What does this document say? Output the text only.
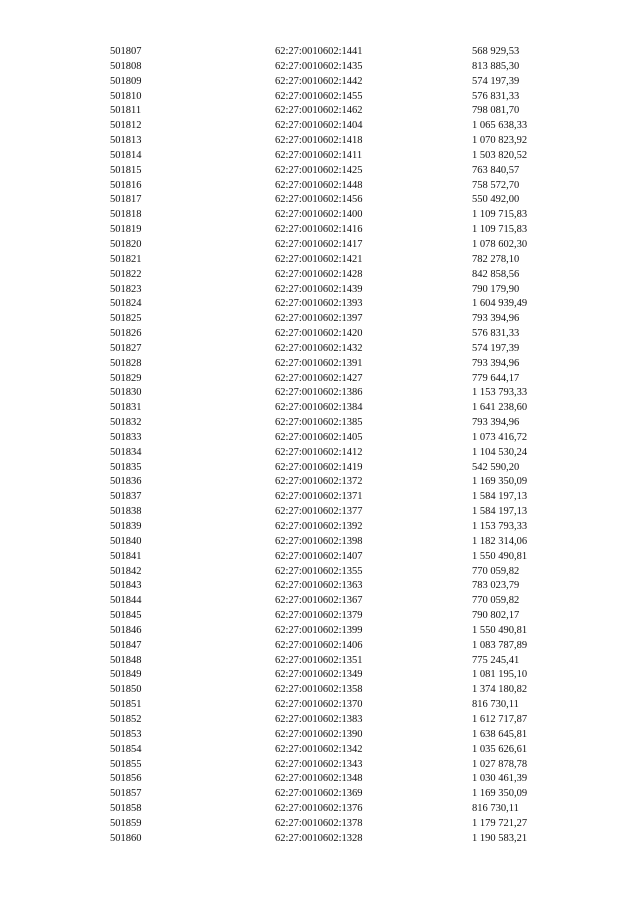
501807	62:27:0010602:1441	568 929,53
501808	62:27:0010602:1435	813 885,30
501809	62:27:0010602:1442	574 197,39
501810	62:27:0010602:1455	576 831,33
501811	62:27:0010602:1462	798 081,70
501812	62:27:0010602:1404	1 065 638,33
501813	62:27:0010602:1418	1 070 823,92
501814	62:27:0010602:1411	1 503 820,52
501815	62:27:0010602:1425	763 840,57
501816	62:27:0010602:1448	758 572,70
501817	62:27:0010602:1456	550 492,00
501818	62:27:0010602:1400	1 109 715,83
501819	62:27:0010602:1416	1 109 715,83
501820	62:27:0010602:1417	1 078 602,30
501821	62:27:0010602:1421	782 278,10
501822	62:27:0010602:1428	842 858,56
501823	62:27:0010602:1439	790 179,90
501824	62:27:0010602:1393	1 604 939,49
501825	62:27:0010602:1397	793 394,96
501826	62:27:0010602:1420	576 831,33
501827	62:27:0010602:1432	574 197,39
501828	62:27:0010602:1391	793 394,96
501829	62:27:0010602:1427	779 644,17
501830	62:27:0010602:1386	1 153 793,33
501831	62:27:0010602:1384	1 641 238,60
501832	62:27:0010602:1385	793 394,96
501833	62:27:0010602:1405	1 073 416,72
501834	62:27:0010602:1412	1 104 530,24
501835	62:27:0010602:1419	542 590,20
501836	62:27:0010602:1372	1 169 350,09
501837	62:27:0010602:1371	1 584 197,13
501838	62:27:0010602:1377	1 584 197,13
501839	62:27:0010602:1392	1 153 793,33
501840	62:27:0010602:1398	1 182 314,06
501841	62:27:0010602:1407	1 550 490,81
501842	62:27:0010602:1355	770 059,82
501843	62:27:0010602:1363	783 023,79
501844	62:27:0010602:1367	770 059,82
501845	62:27:0010602:1379	790 802,17
501846	62:27:0010602:1399	1 550 490,81
501847	62:27:0010602:1406	1 083 787,89
501848	62:27:0010602:1351	775 245,41
501849	62:27:0010602:1349	1 081 195,10
501850	62:27:0010602:1358	1 374 180,82
501851	62:27:0010602:1370	816 730,11
501852	62:27:0010602:1383	1 612 717,87
501853	62:27:0010602:1390	1 638 645,81
501854	62:27:0010602:1342	1 035 626,61
501855	62:27:0010602:1343	1 027 878,78
501856	62:27:0010602:1348	1 030 461,39
501857	62:27:0010602:1369	1 169 350,09
501858	62:27:0010602:1376	816 730,11
501859	62:27:0010602:1378	1 179 721,27
501860	62:27:0010602:1328	1 190 583,21
